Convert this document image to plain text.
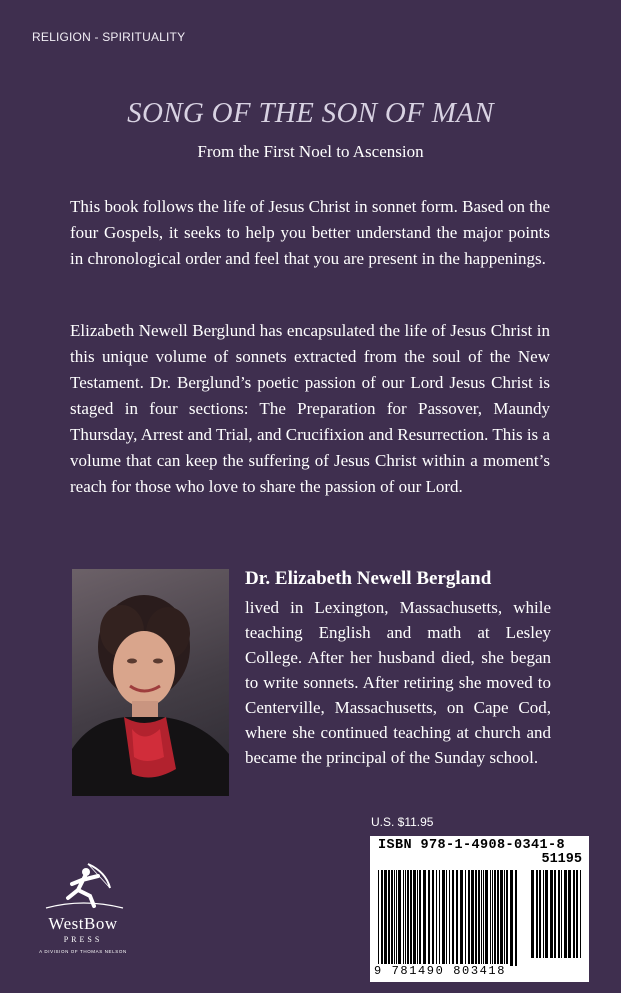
RELIGION - SPIRITUALITY
SONG OF THE SON OF MAN
From the First Noel to Ascension
This book follows the life of Jesus Christ in sonnet form. Based on the four Gospels, it seeks to help you better understand the major points in chronological order and feel that you are present in the happenings.
Elizabeth Newell Berglund has encapsulated the life of Jesus Christ in this unique volume of sonnets extracted from the soul of the New Testament. Dr. Berglund’s poetic passion of our Lord Jesus Christ is staged in four sections: The Preparation for Passover, Maundy Thursday, Arrest and Trial, and Crucifixion and Resurrection. This is a volume that can keep the suffering of Jesus Christ within a moment’s reach for those who love to share the passion of our Lord.
Dr. Elizabeth Newell Bergland
lived in Lexington, Massachusetts, while teaching English and math at Lesley College. After her husband died, she began to write sonnets. After retiring she moved to Centerville, Massachusetts, on Cape Cod, where she continued teaching at church and became the principal of the Sunday school.
U.S. $11.95
ISBN 978-1-4908-0341-8
51195
9 781490 803418
WestBow
PRESS
A DIVISION OF THOMAS NELSON
